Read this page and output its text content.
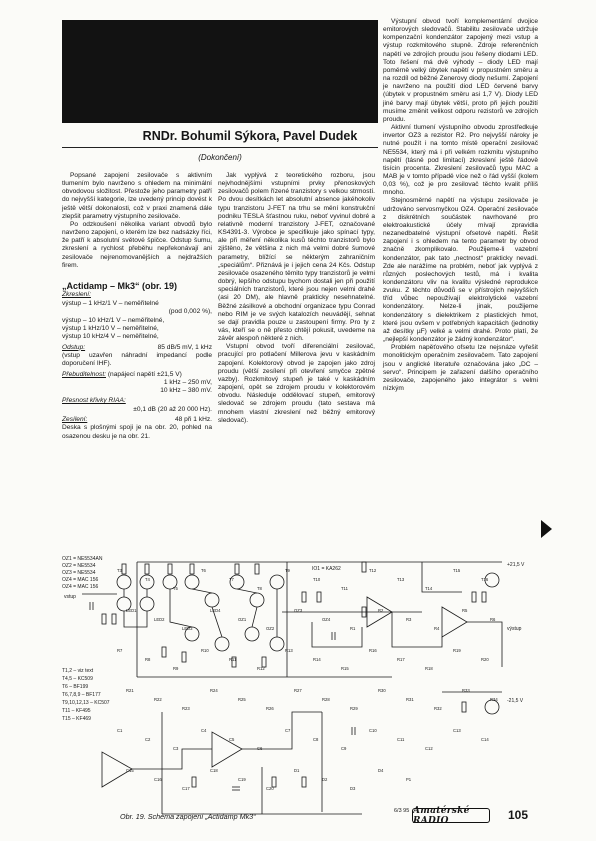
RNDr. Bohumil Sýkora, Pavel Dudek
(Dokončení)

Popsané zapojení zesilovače s aktivním tlumením bylo navrženo s ohledem na minimální obvodovou složitost. Přestože jeho parametry patří do nejvyšší kategorie, lze uvedený princip dovést k ještě větší dokonalosti, což v praxi znamená dále zlepšit parametry výstupního zesilovače.

Po odzkoušení několika variant obvodů bylo navrženo zapojení, o kterém lze bez nadsázky říci, že patří k absolutní světové špičce. Odstup šumu, zkreslení a rychlost přeběhu nepřekonávají ani zesilovače nejrenomovanějších a nejdražších firem.

„Actidamp – Mk3“ (obr. 19)
Zkreslení:
výstup – 1 kHz/1 V – neměřitelné
(pod 0,002 %),
výstup – 10 kHz/1 V – neměřitelné,
výstup 1 kHz/10 V – neměřitelné,
výstup 10 kHz/4 V – neměřitelné,
Odstup:	85 dB/5 mV, 1 kHz
(vstup uzavřen náhradní impedancí podle doporučení IHF).
Přebuditelnost: (napájecí napětí ±21,5 V)
1 kHz – 250 mV,
10 kHz – 380 mV.
Přesnost křivky RIAA:
±0,1 dB (20 až 20 000 Hz).
Zesílení:	48 při 1 kHz.
Deska s plošnými spoji je na obr. 20, pohled na osazenou desku je na obr. 21.

Jak vyplývá z teoretického rozboru, jsou nejvhodnějšími vstupními prvky přenoskových zesilovačů polem řízené tranzistory s velkou strmostí. Po dvou desítkách let absolutní absence jakéhokoliv typu tranzistoru J-FET na trhu se mění konstrukční podniku TESLA šťastnou ruku, neboť vyvinul dobré a relativně moderní tranzistory J-FET, označované KS4391-3. Výrobce je specifikuje jako spínací typy, ale při měření několika kusů těchto tranzistorů bylo zjištěno, že většina z nich má velmi dobré šumové parametry, blížící se některým zahraničním „speciálům“. Přiznává je i jejich cena 24 Kčs. Odstup zesilovače osazeného těmito typy tranzistorů je velmi dobrý, lepšího odstupu bychom dostali jen při použití speciálních tranzistorů, které jsou nejen velmi drahé (asi 20 DM), ale hlavně prakticky nesehnatelné. Běžné zásilkové a obchodní organizace typu Conrad nebo RIM je ve svých katalozích neuvádějí, sehnat se dají pravidla pouze u zastoupení firmy. Pro ty z vás, kteří se o ně přesto chtějí pokusit, uvedeme na závěr alespoň některé z nich.

Vstupní obvod tvoří diferenciální zesilovač, pracující pro potlačení Millerova jevu v kaskádním zapojení. Kolektorový obvod je zapojen jako zdroj proudu (větší zesílení při otevření smyčce zpětné vazby). Rozkmitový stupeň je také v kaskádním zapojení, opět se zdrojem proudu v kolektorovém obvodu. Následuje oddělovací stupeň, emitorový sledovač se zdrojem proudu (tato sestava má mnohem vlastní zkreslení než běžný emitorový sledovač).

Výstupní obvod tvoří komplementární dvojice emitorových sledovačů. Stabilitu zesilovače udržuje kompenzační kondenzátor zapojený mezi vstup a výstup rozkmitového stupně. Zdroje referenčních napětí ve zdrojích proudu jsou řešeny diodami LED. Toto řešení má dvě výhody – diody LED mají poměrně velký úbytek napětí v propustném směru a na rozdíl od běžné Zenerovy diody nešumí. Zapojení je navrženo na použití diod LED červené barvy (úbytek v propustném směru asi 1,7 V). Diody LED jiné barvy mají úbytek větší, proto při jejich použití musíme změnit velikost odporu rezistorů ve zdrojích proudu.

Aktivní tlumení výstupního obvodu zprostředkuje invertor OZ3 a rezistor R2. Pro nejvyšší nároky je nutné použít i na tomto místě operační zesilovač NE5534, který má i při velkém rozkmitu výstupního napětí (tásně pod limitací) zkreslení ještě řádově tisícin procenta. Zkreslení zesilovačů typu MAC a MAB je v tomto případě více než o řád vyšší (kolem 0,03 %), což je pro zesilovač těchto kvalit příliš mnoho.

Stejnosměrné napětí na výstupu zesilovače je udržováno servosmyčkou OZ4. Operační zesilovače z diskrétních součástek navrhované pro elektroakustické účely mívají zpravidla nezanedbatelné výstupní ofsetové napětí. Řešit zapojení i s ohledem na tento parametr by obvod značně zkomplikovalo. Použijeme-li vazební kondenzátor, pak tato „nectnost“ prakticky nevadí. Zde ale narážíme na problém, neboť jak vyplývá z různých poslechových testů, má i kvalita kondenzátoru vliv na kvalitu výsledné reprodukce zvuku. Z těchto důvodů se v přístrojích nejvyšších tříd vůbec nepoužívají elektrolytické vazební kondenzátory. Nelze-li jinak, použijeme kondenzátory s dielektrikem z plastických hmot, které jsou ovšem v potřebných kapacitách (jednotky až desítky µF) velké a velmi drahé. Proto platí, že „nejlepší kondenzátor je žádný kondenzátor“.

Problém napěťového ofsetu lze nejsnáze vyřešit monolitickým operačním zesilovačem. Tato zapojení jsou v anglické literatuře označována jako „DC – servo“. Principem je zařazení dalšího operačního zesilovače, zapojeného jako integrátor s velmi nízkým

OZ1 = NE5534AN
OZ2 = NE5534
OZ3 = NE5534
OZ4 = MAC 156
OZ4 = MAC 156
T1,2 – viz text
T4,5 – KC509
T6 – BF199
T6,7,8,9 – BF177
T9,10,12,13 – KC507
T11 – KF495
T15 – KF469
vstup
výstup
IO1 = KA262
+21,5 V
-21,5 V
T3
T4
T5
T6
T7
T8
T9
T10
T11
T12
T13
T14
T15
T16
LED1
LED2
LED3
LED4
OZ1
OZ2
OZ3
OZ4
R1
R2
R3
R4
R5
R6
R7
R8
R9
R10
R11
R12
R13
R14
R15
R16
R17
R18
R19
R20
R21
R22
R23
R24
R25
R26
R27
R28
R29
R30
R31
R32
R33
R34
C1
C2
C3
C4
C5
C6
C7
C8
C9
C10
C11
C12
C13
C14
C15
C16
C17
C18
C19
C20
D1
D2
D3
D4
P1
Obr. 19. Schéma zapojení „Actidamp Mk3“
6/3 95 Amatérské RADIO	105
